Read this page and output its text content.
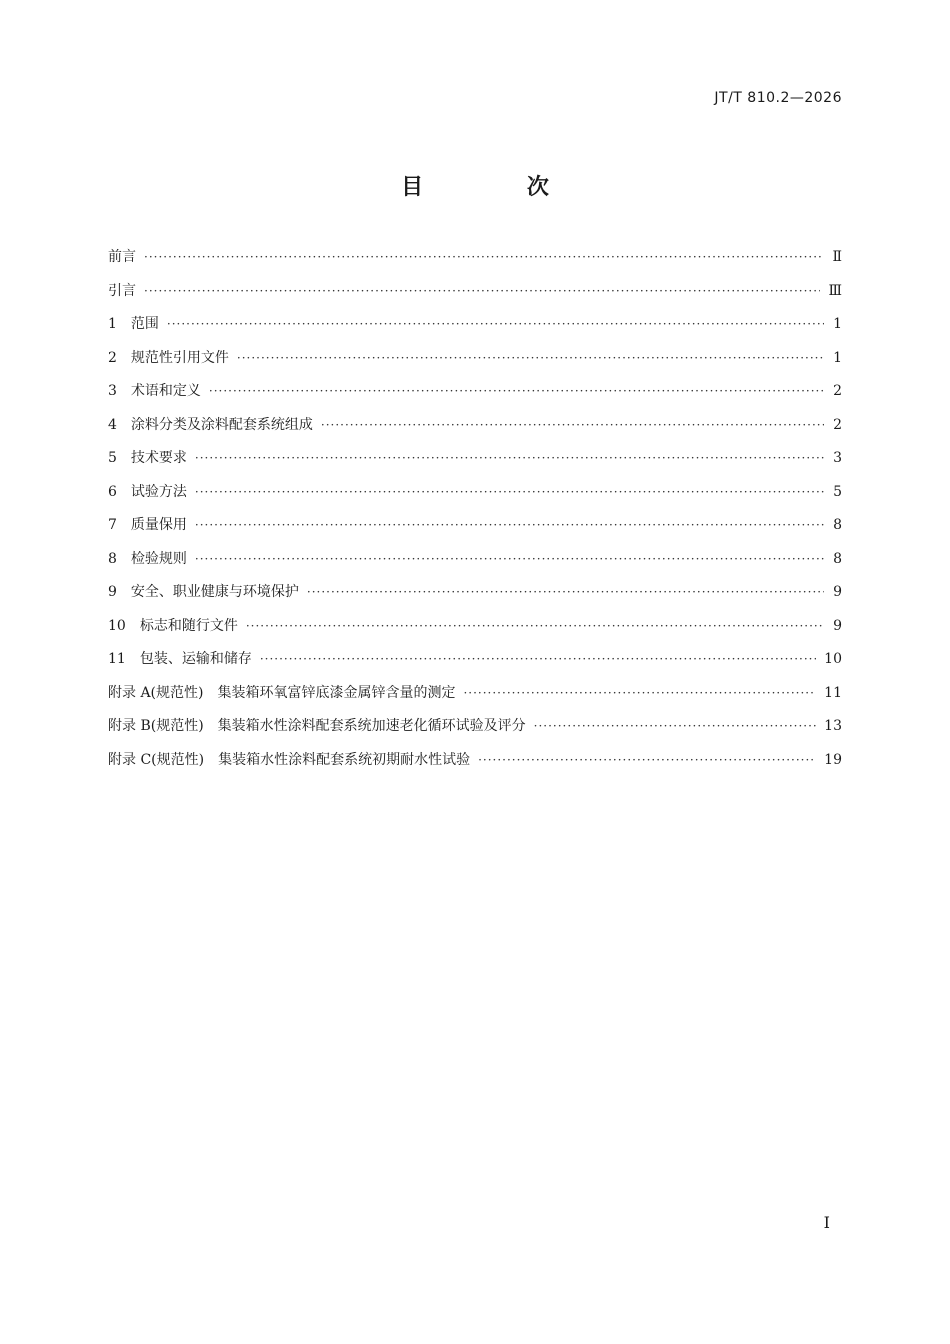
JT/T 810.2—2026
目 次
前言 ·····	Ⅱ
引言 ·····	Ⅲ
1 范围 ·····	1
2 规范性引用文件 ·····	1
3 术语和定义 ·····	2
4 涂料分类及涂料配套系统组成 ·····	2
5 技术要求 ·····	3
6 试验方法 ·····	5
7 质量保用 ·····	8
8 检验规则 ·····	8
9 安全、职业健康与环境保护 ·····	9
10 标志和随行文件 ·····	9
11 包装、运输和储存 ·····	10
附录 A(规范性)　集装箱环氧富锌底漆金属锌含量的测定 ·····	11
附录 B(规范性)　集装箱水性涂料配套系统加速老化循环试验及评分 ·····	13
附录 C(规范性)　集装箱水性涂料配套系统初期耐水性试验 ·····	19
Ⅰ
